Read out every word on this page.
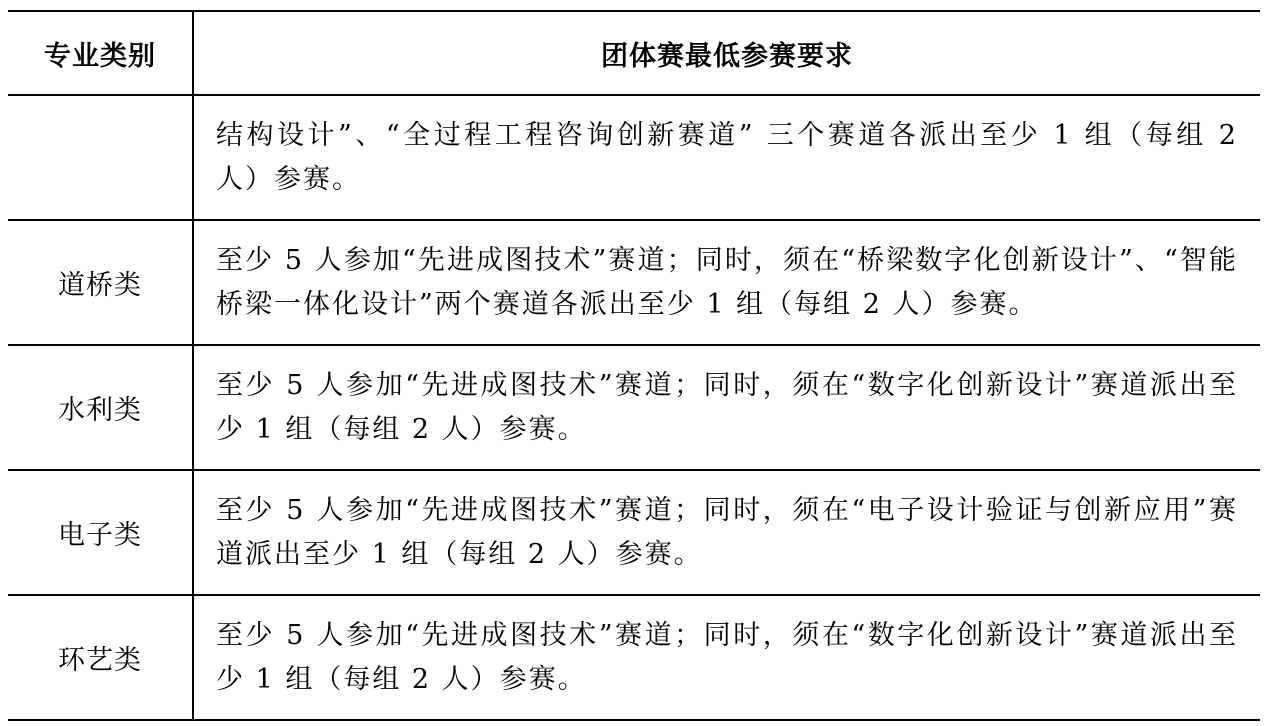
专业类别	团体赛最低参赛要求
	结构设计”、“全过程工程咨询创新赛道” 三个赛道各派出至少 1 组（每组 2 人）参赛。
道桥类	至少 5 人参加“先进成图技术”赛道；同时，须在“桥梁数字化创新设计”、“智能桥梁一体化设计”两个赛道各派出至少 1 组（每组 2 人）参赛。
水利类	至少 5 人参加“先进成图技术”赛道；同时，须在“数字化创新设计”赛道派出至少 1 组（每组 2 人）参赛。
电子类	至少 5 人参加“先进成图技术”赛道；同时，须在“电子设计验证与创新应用”赛道派出至少 1 组（每组 2 人）参赛。
环艺类	至少 5 人参加“先进成图技术”赛道；同时，须在“数字化创新设计”赛道派出至少 1 组（每组 2 人）参赛。
